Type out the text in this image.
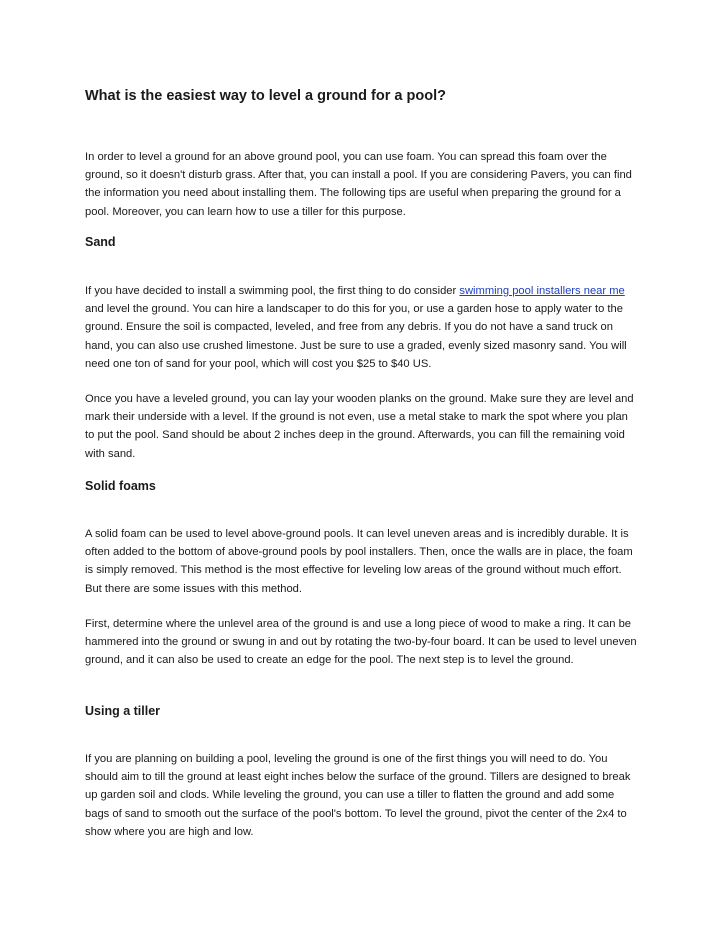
What is the easiest way to level a ground for a pool?

In order to level a ground for an above ground pool, you can use foam. You can spread this foam over the ground, so it doesn't disturb grass. After that, you can install a pool. If you are considering Pavers, you can find the information you need about installing them. The following tips are useful when preparing the ground for a pool. Moreover, you can learn how to use a tiller for this purpose.

Sand

If you have decided to install a swimming pool, the first thing to do consider swimming pool installers near me and level the ground. You can hire a landscaper to do this for you, or use a garden hose to apply water to the ground. Ensure the soil is compacted, leveled, and free from any debris. If you do not have a sand truck on hand, you can also use crushed limestone. Just be sure to use a graded, evenly sized masonry sand. You will need one ton of sand for your pool, which will cost you $25 to $40 US.

Once you have a leveled ground, you can lay your wooden planks on the ground. Make sure they are level and mark their underside with a level. If the ground is not even, use a metal stake to mark the spot where you plan to put the pool. Sand should be about 2 inches deep in the ground. Afterwards, you can fill the remaining void with sand.

Solid foams

A solid foam can be used to level above-ground pools. It can level uneven areas and is incredibly durable. It is often added to the bottom of above-ground pools by pool installers. Then, once the walls are in place, the foam is simply removed. This method is the most effective for leveling low areas of the ground without much effort. But there are some issues with this method.

First, determine where the unlevel area of the ground is and use a long piece of wood to make a ring. It can be hammered into the ground or swung in and out by rotating the two-by-four board. It can be used to level uneven ground, and it can also be used to create an edge for the pool. The next step is to level the ground.

Using a tiller

If you are planning on building a pool, leveling the ground is one of the first things you will need to do. You should aim to till the ground at least eight inches below the surface of the ground. Tillers are designed to break up garden soil and clods. While leveling the ground, you can use a tiller to flatten the ground and add some bags of sand to smooth out the surface of the pool's bottom. To level the ground, pivot the center of the 2x4 to show where you are high and low.
